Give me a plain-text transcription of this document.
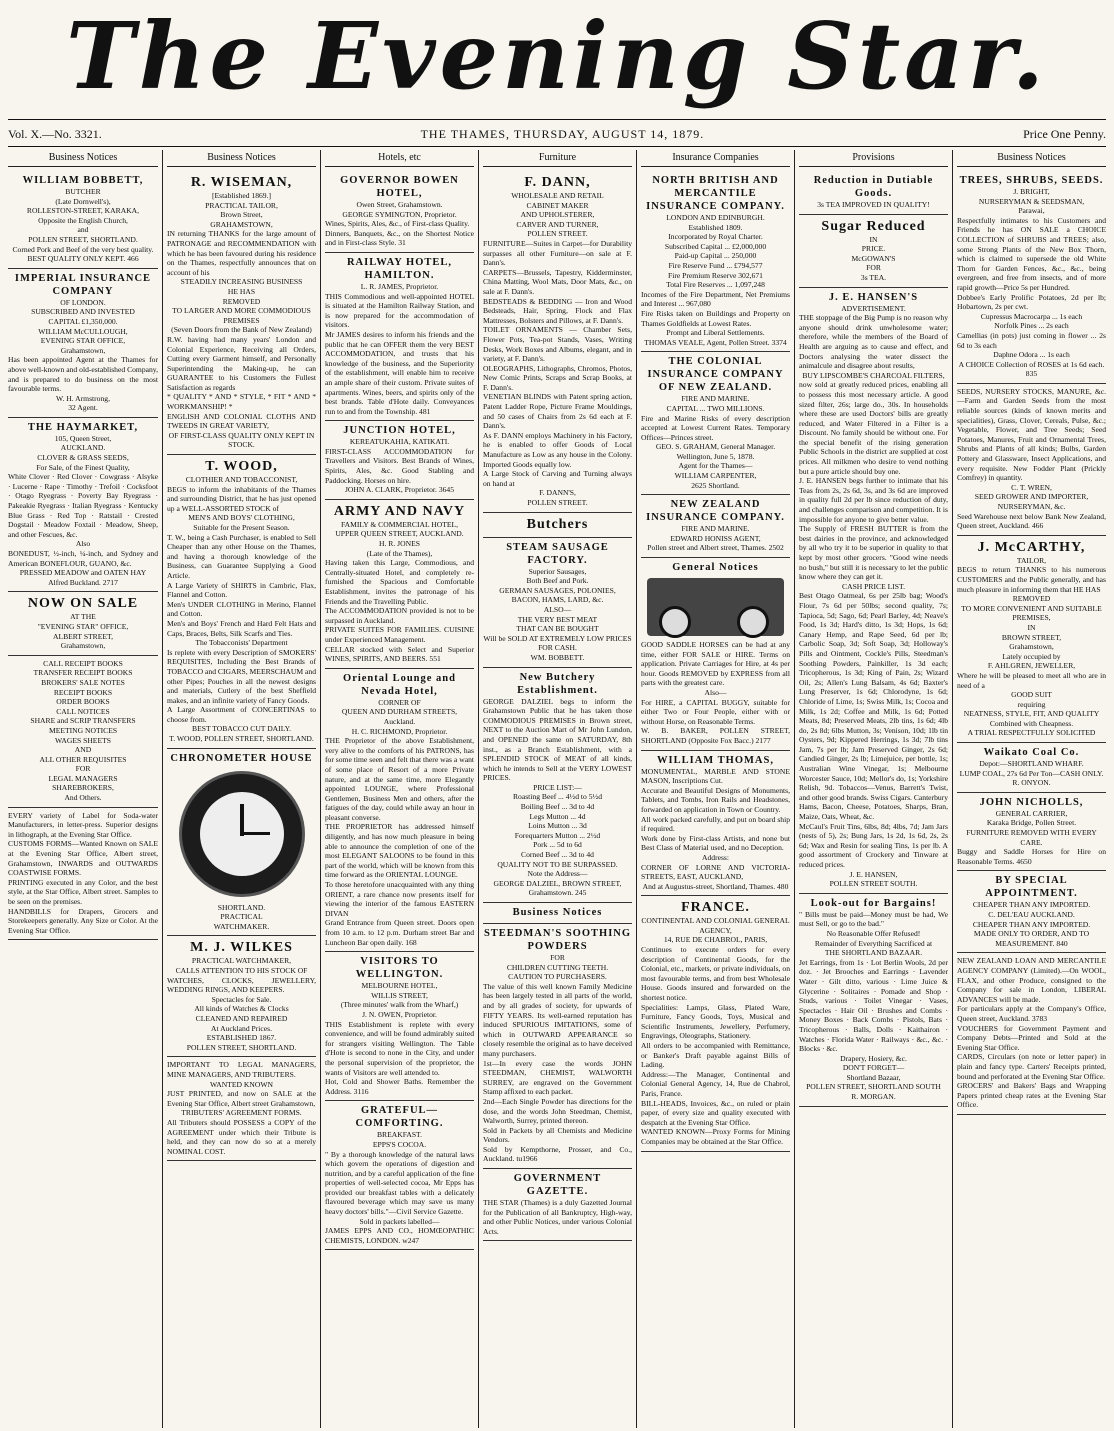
The Evening Star.
Vol. X.—No. 3321.	THE THAMES, THURSDAY, AUGUST 14, 1879.	Price One Penny.
Business Notices
WILLIAM BOBBETT,
BUTCHER
(Late Dornwell's),
ROLLESTON-STREET, KARAKA,
Opposite the English Church,
and
POLLEN STREET, SHORTLAND.
Corned Pork and Beef of the very best quality.
BEST QUALITY ONLY KEPT. 466
IMPERIAL INSURANCE COMPANY
OF LONDON.
SUBSCRIBED AND INVESTED
CAPITAL £1,350,000.
WILLIAM McCULLOUGH,
EVENING STAR OFFICE,
Grahamstown,
Has been appointed Agent at the Thames for above well-known and old-established Company, and is prepared to do business on the most favourable terms.
W. H. Armstrong,
32 Agent.
THE HAYMARKET,
105, Queen Street,
AUCKLAND.
CLOVER & GRASS SEEDS,
For Sale, of the Finest Quality,
White Clover · Red Clover · Cowgrass · Alsyke · Lucerne · Rape · Timothy · Trefoil · Cocksfoot · Otago Ryegrass · Poverty Bay Ryegrass · Pakeakie Ryegrass · Italian Ryegrass · Kentucky Blue Grass · Red Top · Ratstail · Crested Dogstail · Meadow Foxtail · Meadow, Sheep, and other Fescues, &c.
Also
BONEDUST, ½-inch, ¼-inch, and Sydney and American BONEFLOUR, GUANO, &c.
PRESSED MEADOW and OATEN HAY
Alfred Buckland. 2717
NOW ON SALE
AT THE
"EVENING STAR" OFFICE,
ALBERT STREET,
Grahamstown,
CALL RECEIPT BOOKS
TRANSFER RECEIPT BOOKS
BROKERS' SALE NOTES
RECEIPT BOOKS
ORDER BOOKS
CALL NOTICES
SHARE and SCRIP TRANSFERS
MEETING NOTICES
WAGES SHEETS
AND
ALL OTHER REQUISITES
FOR
LEGAL MANAGERS
SHAREBROKERS,
And Others.
EVERY variety of Label for Soda-water Manufacturers, in letter-press. Superior designs in lithograph, at the Evening Star Office.
CUSTOMS FORMS—Wanted Known on SALE at the Evening Star Office, Albert street, Grahamstown, INWARDS and OUTWARDS COASTWISE FORMS.
PRINTING executed in any Color, and the best style, at the Star Office, Albert street. Samples to be seen on the premises.
HANDBILLS for Drapers, Grocers and Storekeepers generally. Any Size or Color. At the Evening Star Office.
Business Notices
R. WISEMAN,
[Established 1869.]
PRACTICAL TAILOR,
Brown Street,
GRAHAMSTOWN,
IN returning THANKS for the large amount of PATRONAGE and RECOMMENDATION with which he has been favoured during his residence on the Thames, respectfully announces that on account of his
STEADILY INCREASING BUSINESS
HE HAS
REMOVED
TO LARGER AND MORE COMMODIOUS PREMISES
(Seven Doors from the Bank of New Zealand)
R.W. having had many years' London and Colonial Experience, Receiving all Orders, Cutting every Garment himself, and Personally Superintending the Making-up, he can GUARANTEE to his Customers the Fullest Satisfaction as regards
* QUALITY * AND * STYLE, * FIT * AND * WORKMANSHIP! *
ENGLISH AND COLONIAL CLOTHS AND TWEEDS IN GREAT VARIETY,
OF FIRST-CLASS QUALITY ONLY KEPT IN STOCK.
T. WOOD,
CLOTHIER AND TOBACCONIST,
BEGS to inform the inhabitants of the Thames and surrounding District, that he has just opened up a WELL-ASSORTED STOCK of
MEN'S AND BOYS' CLOTHING,
Suitable for the Present Season.
T. W., being a Cash Purchaser, is enabled to Sell Cheaper than any other House on the Thames, and having a thorough knowledge of the Business, can Guarantee Supplying a Good Article.
A Large Variety of SHIRTS in Cambric, Flax, Flannel and Cotton.
Men's UNDER CLOTHING in Merino, Flannel and Cotton.
Men's and Boys' French and Hard Felt Hats and Caps, Braces, Belts, Silk Scarfs and Ties.
The Tobacconists' Department
Is replete with every Description of SMOKERS' REQUISITES, Including the Best Brands of TOBACCO and CIGARS, MEERSCHAUM and other Pipes; Pouches in all the newest designs and materials, Cutlery of the best Sheffield makes, and an infinite variety of Fancy Goods.
A Large Assortment of CONCERTINAS to choose from.
BEST TOBACCO CUT DAILY.
T. WOOD, POLLEN STREET, SHORTLAND.
CHRONOMETER HOUSE
SHORTLAND.
PRACTICAL
WATCHMAKER.
M. J. WILKES
PRACTICAL WATCHMAKER,
CALLS ATTENTION TO HIS STOCK OF
WATCHES, CLOCKS, JEWELLERY, WEDDING RINGS, AND KEEPERS.
Spectacles for Sale.
All kinds of Watches & Clocks
CLEANED AND REPAIRED
At Auckland Prices.
ESTABLISHED 1867.
POLLEN STREET, SHORTLAND.
IMPORTANT TO LEGAL MANAGERS, MINE MANAGERS, AND TRIBUTERS.
WANTED KNOWN
JUST PRINTED, and now on SALE at the Evening Star Office, Albert street Grahamstown,
TRIBUTERS' AGREEMENT FORMS.
All Tributers should POSSESS a COPY of the AGREEMENT under which their Tribute is held, and they can now do so at a merely NOMINAL COST.
Hotels, etc
GOVERNOR BOWEN HOTEL,
Owen Street, Grahamstown.
GEORGE SYMINGTON, Proprietor.
Wines, Spirits, Ales, &c., of First-class Quality.
Dinners, Banquets, &c., on the Shortest Notice and in First-class Style. 31
RAILWAY HOTEL, HAMILTON.
L. R. JAMES, Proprietor.
THIS Commodious and well-appointed HOTEL is situated at the Hamilton Railway Station, and is now prepared for the accommodation of visitors.
Mr JAMES desires to inform his friends and the public that he can OFFER them the very BEST ACCOMMODATION, and trusts that his knowledge of the business, and the Superiority of the establishment, will enable him to receive an ample share of their custom. Private suites of apartments. Wines, beers, and spirits only of the best brands. Table d'Hote daily. Conveyances run to and from the Township. 481
JUNCTION HOTEL,
KEREATUKAHIA, KATIKATI.
FIRST-CLASS ACCOMMODATION for Travellers and Visitors. Best Brands of Wines, Spirits, Ales, &c. Good Stabling and Paddocking. Horses on hire.
JOHN A. CLARK, Proprietor. 3645
ARMY AND NAVY
FAMILY & COMMERCIAL HOTEL,
UPPER QUEEN STREET, AUCKLAND.
H. R. JONES
(Late of the Thames),
Having taken this Large, Commodious, and Centrally-situated Hotel, and completely re-furnished the Spacious and Comfortable Establishment, invites the patronage of his Friends and the Travelling Public.
The ACCOMMODATION provided is not to be surpassed in Auckland.
PRIVATE SUITES FOR FAMILIES. CUISINE under Experienced Management.
CELLAR stocked with Select and Superior WINES, SPIRITS, AND BEERS. 551
Oriental Lounge and Nevada Hotel,
CORNER OF
QUEEN AND DURHAM STREETS,
Auckland.
H. C. RICHMOND, Proprietor.
THE Proprietor of the above Establishment, very alive to the comforts of his PATRONS, has for some time seen and felt that there was a want of some place of Resort of a more Private nature, and at the same time, more Elegantly appointed LOUNGE, where Professional Gentlemen, Business Men and others, after the fatigues of the day, could while away an hour in pleasant converse.
THE PROPRIETOR has addressed himself diligently, and has now much pleasure in being able to announce the completion of one of the most ELEGANT SALOONS to be found in this part of the world, which will be known from this time forward as the ORIENTAL LOUNGE.
To those heretofore unacquainted with any thing ORIENT, a rare chance now presents itself for viewing the interior of the famous EASTERN DIVAN
Grand Entrance from Queen street. Doors open from 10 a.m. to 12 p.m. Durham street Bar and Luncheon Bar open daily. 168
VISITORS TO WELLINGTON.
MELBOURNE HOTEL,
WILLIS STREET,
(Three minutes' walk from the Wharf,)
J. N. OWEN, Proprietor.
THIS Establishment is replete with every convenience, and will be found admirably suited for strangers visiting Wellington. The Table d'Hote is second to none in the City, and under the personal supervision of the proprietor, the wants of Visitors are well attended to.
Hot, Cold and Shower Baths. Remember the Address. 3116
GRATEFUL—COMFORTING.
BREAKFAST.
EPPS'S COCOA.
" By a thorough knowledge of the natural laws which govern the operations of digestion and nutrition, and by a careful application of the fine properties of well-selected cocoa, Mr Epps has provided our breakfast tables with a delicately flavoured beverage which may save us many heavy doctors' bills."—Civil Service Gazette.
Sold in packets labelled—
JAMES EPPS AND CO., HOMŒOPATHIC CHEMISTS, LONDON. w247
Furniture
F. DANN,
WHOLESALE AND RETAIL
CABINET MAKER
AND UPHOLSTERER,
CARVER AND TURNER,
POLLEN STREET.
FURNITURE—Suites in Carpet—for Durability surpasses all other Furniture—on sale at F. Dann's.
CARPETS—Brussels, Tapestry, Kidderminster, China Matting, Wool Mats, Door Mats, &c., on sale at F. Dann's.
BEDSTEADS & BEDDING — Iron and Wood Bedsteads, Hair, Spring, Flock and Flax Mattresses, Bolsters and Pillows, at F. Dann's.
TOILET ORNAMENTS — Chamber Sets, Flower Pots, Tea-pot Stands, Vases, Writing Desks, Work Boxes and Albums, elegant, and in variety, at F. Dann's.
OLEOGRAPHS, Lithographs, Chromos, Photos, New Comic Prints, Scraps and Scrap Books, at F. Dann's.
VENETIAN BLINDS with Patent spring action, Patent Ladder Rope, Picture Frame Mouldings, and 50 cases of Chairs from 2s 6d each at F. Dann's.
As F. DANN employs Machinery in his Factory, he is enabled to offer Goods of Local Manufacture as Low as any house in the Colony. Imported Goods equally low.
A Large Stock of Carving and Turning always on hand at
F. DANN'S,
POLLEN STREET.
Butchers
STEAM SAUSAGE FACTORY.
Superior Sausages,
Both Beef and Pork.
GERMAN SAUSAGES, POLONIES,
BACON, HAMS, LARD, &c.
ALSO—
THE VERY BEST MEAT
THAT CAN BE BOUGHT
Will be SOLD AT EXTREMELY LOW PRICES FOR CASH.
WM. BOBBETT.
New Butchery Establishment.
GEORGE DALZIEL begs to inform the Grahamstown Public that he has taken those COMMODIOUS PREMISES in Brown street, NEXT to the Auction Mart of Mr John Lundon, and OPENED the same on SATURDAY, 8th inst., as a Branch Establishment, with a SPLENDID STOCK of MEAT of all kinds, which he intends to Sell at the VERY LOWEST PRICES.
PRICE LIST:—
Roasting Beef ... 4½d to 5½d
Boiling Beef ... 3d to 4d
Legs Mutton ... 4d
Loins Mutton ... 3d
Forequarters Mutton ... 2½d
Pork ... 5d to 6d
Corned Beef ... 3d to 4d
QUALITY NOT TO BE SURPASSED.
Note the Address—
GEORGE DALZIEL, BROWN STREET, Grahamstown. 245
Business Notices
STEEDMAN'S SOOTHING POWDERS
FOR
CHILDREN CUTTING TEETH.
CAUTION TO PURCHASERS.
The value of this well known Family Medicine has been largely tested in all parts of the world, and by all grades of society, for upwards of FIFTY YEARS. Its well-earned reputation has induced SPURIOUS IMITATIONS, some of which in OUTWARD APPEARANCE so closely resemble the original as to have deceived many purchasers.
1st—In every case the words JOHN STEEDMAN, CHEMIST, WALWORTH SURREY, are engraved on the Government Stamp affixed to each packet.
2nd—Each Single Powder has directions for the dose, and the words John Steedman, Chemist, Walworth, Surrey, printed thereon.
Sold in Packets by all Chemists and Medicine Vendors.
Sold by Kempthorne, Prosser, and Co., Auckland. tu1966
GOVERNMENT GAZETTE.
THE STAR (Thames) is a duly Gazetted Journal for the Publication of all Bankruptcy, High-way, and other Public Notices, under various Colonial Acts.
Insurance Companies
NORTH BRITISH AND MERCANTILE INSURANCE COMPANY.
LONDON AND EDINBURGH.
Established 1809.
Incorporated by Royal Charter.
Subscribed Capital ... £2,000,000
Paid-up Capital ... 250,000
Fire Reserve Fund ... £794,577
Fire Premium Reserve 302,671
Total Fire Reserves ... 1,097,248
Incomes of the Fire Department, Net Premiums and Interest ... 967,080
Fire Risks taken on Buildings and Property on Thames Goldfields at Lowest Rates.
Prompt and Liberal Settlements.
THOMAS VEALE, Agent, Pollen Street. 3374
THE COLONIAL INSURANCE COMPANY OF NEW ZEALAND.
FIRE AND MARINE.
CAPITAL ... TWO MILLIONS.
Fire and Marine Risks of every description accepted at Lowest Current Rates. Temporary Offices—Princes street.
GEO. S. GRAHAM, General Manager.
Wellington, June 5, 1878.
Agent for the Thames—
WILLIAM CARPENTER,
2625 Shortland.
NEW ZEALAND INSURANCE COMPANY.
FIRE AND MARINE.
EDWARD HONISS AGENT,
Pollen street and Albert street, Thames. 2502
General Notices
GOOD SADDLE HORSES can be had at any time, either FOR SALE or HIRE. Terms on application. Private Carriages for Hire, at 4s per hour. Goods REMOVED by EXPRESS from all parts with the greatest care.
Also—
For HIRE, a CAPITAL BUGGY, suitable for either Two or Four People, either with or without Horse, on Reasonable Terms.
W. B. BAKER, POLLEN STREET, SHORTLAND (Opposite Fox Bacc.) 2177
WILLIAM THOMAS,
MONUMENTAL, MARBLE AND STONE MASON, Inscriptions Cut.
Accurate and Beautiful Designs of Monuments, Tablets, and Tombs, Iron Rails and Headstones, forwarded on application in Town or Country.
All work packed carefully, and put on board ship if required.
Work done by First-class Artists, and none but Best Class of Material used, and no Deception.
Address:
CORNER OF LORNE AND VICTORIA-STREETS, EAST, AUCKLAND,
And at Augustus-street, Shortland, Thames. 480
FRANCE.
CONTINENTAL AND COLONIAL GENERAL AGENCY,
14, RUE DE CHABROL, PARIS,
Continues to execute orders for every description of Continental Goods, for the Colonial, etc., markets, or private individuals, on most favourable terms, and from best Wholesale House. Goods insured and forwarded on the shortest notice.
Specialities: Lamps, Glass, Plated Ware, Furniture, Fancy Goods, Toys, Musical and Scientific Instruments, Jewellery, Perfumery, Engravings, Oleographs, Stationery.
All orders to be accompanied with Remittance, or Banker's Draft payable against Bills of Lading.
Address:—The Manager, Continental and Colonial General Agency, 14, Rue de Chabrol, Paris, France.
BILL-HEADS, Invoices, &c., on ruled or plain paper, of every size and quality executed with despatch at the Evening Star Office.
WANTED KNOWN—Proxy Forms for Mining Companies may be obtained at the Star Office.
Provisions
Reduction in Dutiable Goods.
3s TEA IMPROVED IN QUALITY!
Sugar Reduced
IN
PRICE.
McGOWAN'S
FOR
3s TEA.
J. E. HANSEN'S
ADVERTISEMENT.
THE stoppage of the Big Pump is no reason why anyone should drink unwholesome water; therefore, while the members of the Board of Health are arguing as to cause and effect, and Doctors analysing the water dissect the animalcule and disagree about results,
BUY LIPSCOMBE'S CHARCOAL FILTERS,
now sold at greatly reduced prices, enabling all to possess this most necessary article. A good sized filter, 26s; large do., 30s. In households where these are used Doctors' bills are greatly reduced, and Water Filtered in a Filter is a Discount. No family should be without one. For the special benefit of the rising generation Public Schools in the district are supplied at cost prices. All milkmen who desire to vend nothing but a pure article should buy one.
J. E. HANSEN begs further to intimate that his Teas from 2s, 2s 6d, 3s, and 3s 6d are improved in quality full 2d per lb since reduction of duty, and challenges comparison and competition. It is impossible for anyone to give better value.
The Supply of FRESH BUTTER is from the best dairies in the province, and acknowledged by all who try it to be superior in quality to that kept by most other grocers. "Good wine needs no bush," but still it is necessary to let the public know where they can get it.
CASH PRICE LIST.
Best Otago Oatmeal, 6s per 25lb bag; Wood's Flour, 7s 6d per 50lbs; second quality, 7s; Tapioca, 5d; Sago, 6d; Pearl Barley, 4d; Neave's Food, 1s 3d; Hard's ditto, 1s 3d; Hops, 1s 6d; Canary Hemp, and Rape Seed, 6d per lb; Carbolic Soap, 3d; Soft Soap, 3d; Holloway's Pills and Ointment, Cockle's Pills, Steedman's Soothing Powders, Painkiller, 1s 3d each; Tricopherous, 1s 3d; King of Pain, 2s; Wizard Oil, 2s; Allen's Lung Balsam, 4s 6d; Baxter's Lung Preserver, 1s 6d; Chlorodyne, 1s 6d; Chloride of Lime, 1s; Swiss Milk, 1s; Cocoa and Milk, 1s 2d; Coffee and Milk, 1s 6d; Potted Meats, 8d; Preserved Meats, 2lb tins, 1s 6d; 4lb do, 2s 8d; 6lbs Mutton, 3s; Venison, 10d; 1lb tin Oysters, 9d; Kippered Herrings, 1s 3d; 7lb tins Jam, 7s per lb; Jam Preserved Ginger, 2s 6d; Candied Ginger, 2s lb; Limejuice, per bottle, 1s; Australian Wine Vinegar, 1s; Melbourne Worcester Sauce, 10d; Mellor's do, 1s; Yorkshire Relish, 9d. Tobaccos—Venus, Barrett's Twist, and other good brands. Swiss Cigars. Canterbury Hams, Bacon, Cheese, Potatoes, Sharps, Bran, Maize, Oats, Wheat, &c.
McCaul's Fruit Tins, 6lbs, 8d; 4lbs, 7d; Jam Jars (nests of 5), 2s; Bung Jars, 1s 2d, 1s 6d, 2s, 2s 6d; Wax and Resin for sealing Tins, 1s per lb. A good assortment of Crockery and Tinware at reduced prices.
J. E. HANSEN,
POLLEN STREET SOUTH.
Look-out for Bargains!
" Bills must be paid—Money must be had, We must Sell, or go to the bad."
No Reasonable Offer Refused!
Remainder of Everything Sacrificed at
THE SHORTLAND BAZAAR.
Jet Earrings, from 1s · Lot Berlin Wools, 2d per doz. · Jet Brooches and Earrings · Lavender Water · Gilt ditto, various · Lime Juice & Glycerine · Solitaires · Pomade and Shop · Studs, various · Toilet Vinegar · Vases, Spectacles · Hair Oil · Brushes and Combs · Money Boxes · Back Combs · Pistols, Bats · Tricopherous · Balls, Dolls · Kaithairon · Watches · Florida Water · Railways · &c., &c. · Blocks · &c.
Drapery, Hosiery, &c.
DON'T FORGET—
Shortland Bazaar,
POLLEN STREET, SHORTLAND SOUTH
R. MORGAN.
Business Notices
TREES, SHRUBS, SEEDS.
J. BRIGHT,
NURSERYMAN & SEEDSMAN,
Parawai,
Respectfully intimates to his Customers and Friends he has ON SALE a CHOICE COLLECTION of SHRUBS and TREES; also, some Strong Plants of the New Box Thorn, which is claimed to supersede the old White Thorn for Garden Fences, &c., &c., being evergreen, and free from insects, and of more rapid growth—Price 5s per Hundred.
Dobbee's Early Prolific Potatoes, 2d per lb; Hobartown, 2s per cwt.
Cupressus Macrocarpa ... 1s each
Norfolk Pines ... 2s each
Camellias (in pots) just coming in flower ... 2s 6d to 3s each
Daphne Odora ... 1s each
A CHOICE Collection of ROSES at 1s 6d each. 835
SEEDS, NURSERY STOCKS, MANURE, &c.—Farm and Garden Seeds from the most reliable sources (kinds of known merits and specialities), Grass, Clover, Cereals, Pulse, &c.; Vegetable, Flower, and Tree Seeds; Seed Potatoes, Manures, Fruit and Ornamental Trees, Shrubs and Plants of all kinds; Bulbs, Garden Pottery and Glassware, Insect Applications, and every requisite. New Fodder Plant (Prickly Comfrey) in quantity.
C. T. WREN,
SEED GROWER AND IMPORTER, NURSERYMAN, &c.
Seed Warehouse next below Bank New Zealand, Queen street, Auckland. 466
J. McCARTHY,
TAILOR,
BEGS to return THANKS to his numerous CUSTOMERS and the Public generally, and has much pleasure in informing them that HE HAS
REMOVED
TO MORE CONVENIENT AND SUITABLE PREMISES,
IN
BROWN STREET,
Grahamstown,
Lately occupied by
F. AHLGREN, JEWELLER,
Where he will be pleased to meet all who are in need of a
GOOD SUIT
requiring
NEATNESS, STYLE, FIT, AND QUALITY
Combined with Cheapness.
A TRIAL RESPECTFULLY SOLICITED
Waikato Coal Co.
Depot:—SHORTLAND WHARF.
LUMP COAL, 27s 6d Per Ton—CASH ONLY.
R. ONYON.
JOHN NICHOLLS,
GENERAL CARRIER,
Karaka Bridge, Pollen Street.
FURNITURE REMOVED WITH EVERY CARE.
Buggy and Saddle Horses for Hire on Reasonable Terms. 4650
BY SPECIAL APPOINTMENT.
CHEAPER THAN ANY IMPORTED.
C. DEL'EAU AUCKLAND.
CHEAPER THAN ANY IMPORTED.
MADE ONLY TO ORDER, AND TO MEASUREMENT. 840
NEW ZEALAND LOAN AND MERCANTILE AGENCY COMPANY (Limited).—On WOOL, FLAX, and other Produce, consigned to the Company for sale in London, LIBERAL ADVANCES will be made.
For particulars apply at the Company's Office, Queen street, Auckland. 3783
VOUCHERS for Government Payment and Company Debts—Printed and Sold at the Evening Star Office.
CARDS, Circulars (on note or letter paper) in plain and fancy type. Carters' Receipts printed, bound and perforated at the Evening Star Office.
GROCERS' and Bakers' Bags and Wrapping Papers printed cheap rates at the Evening Star Office.
